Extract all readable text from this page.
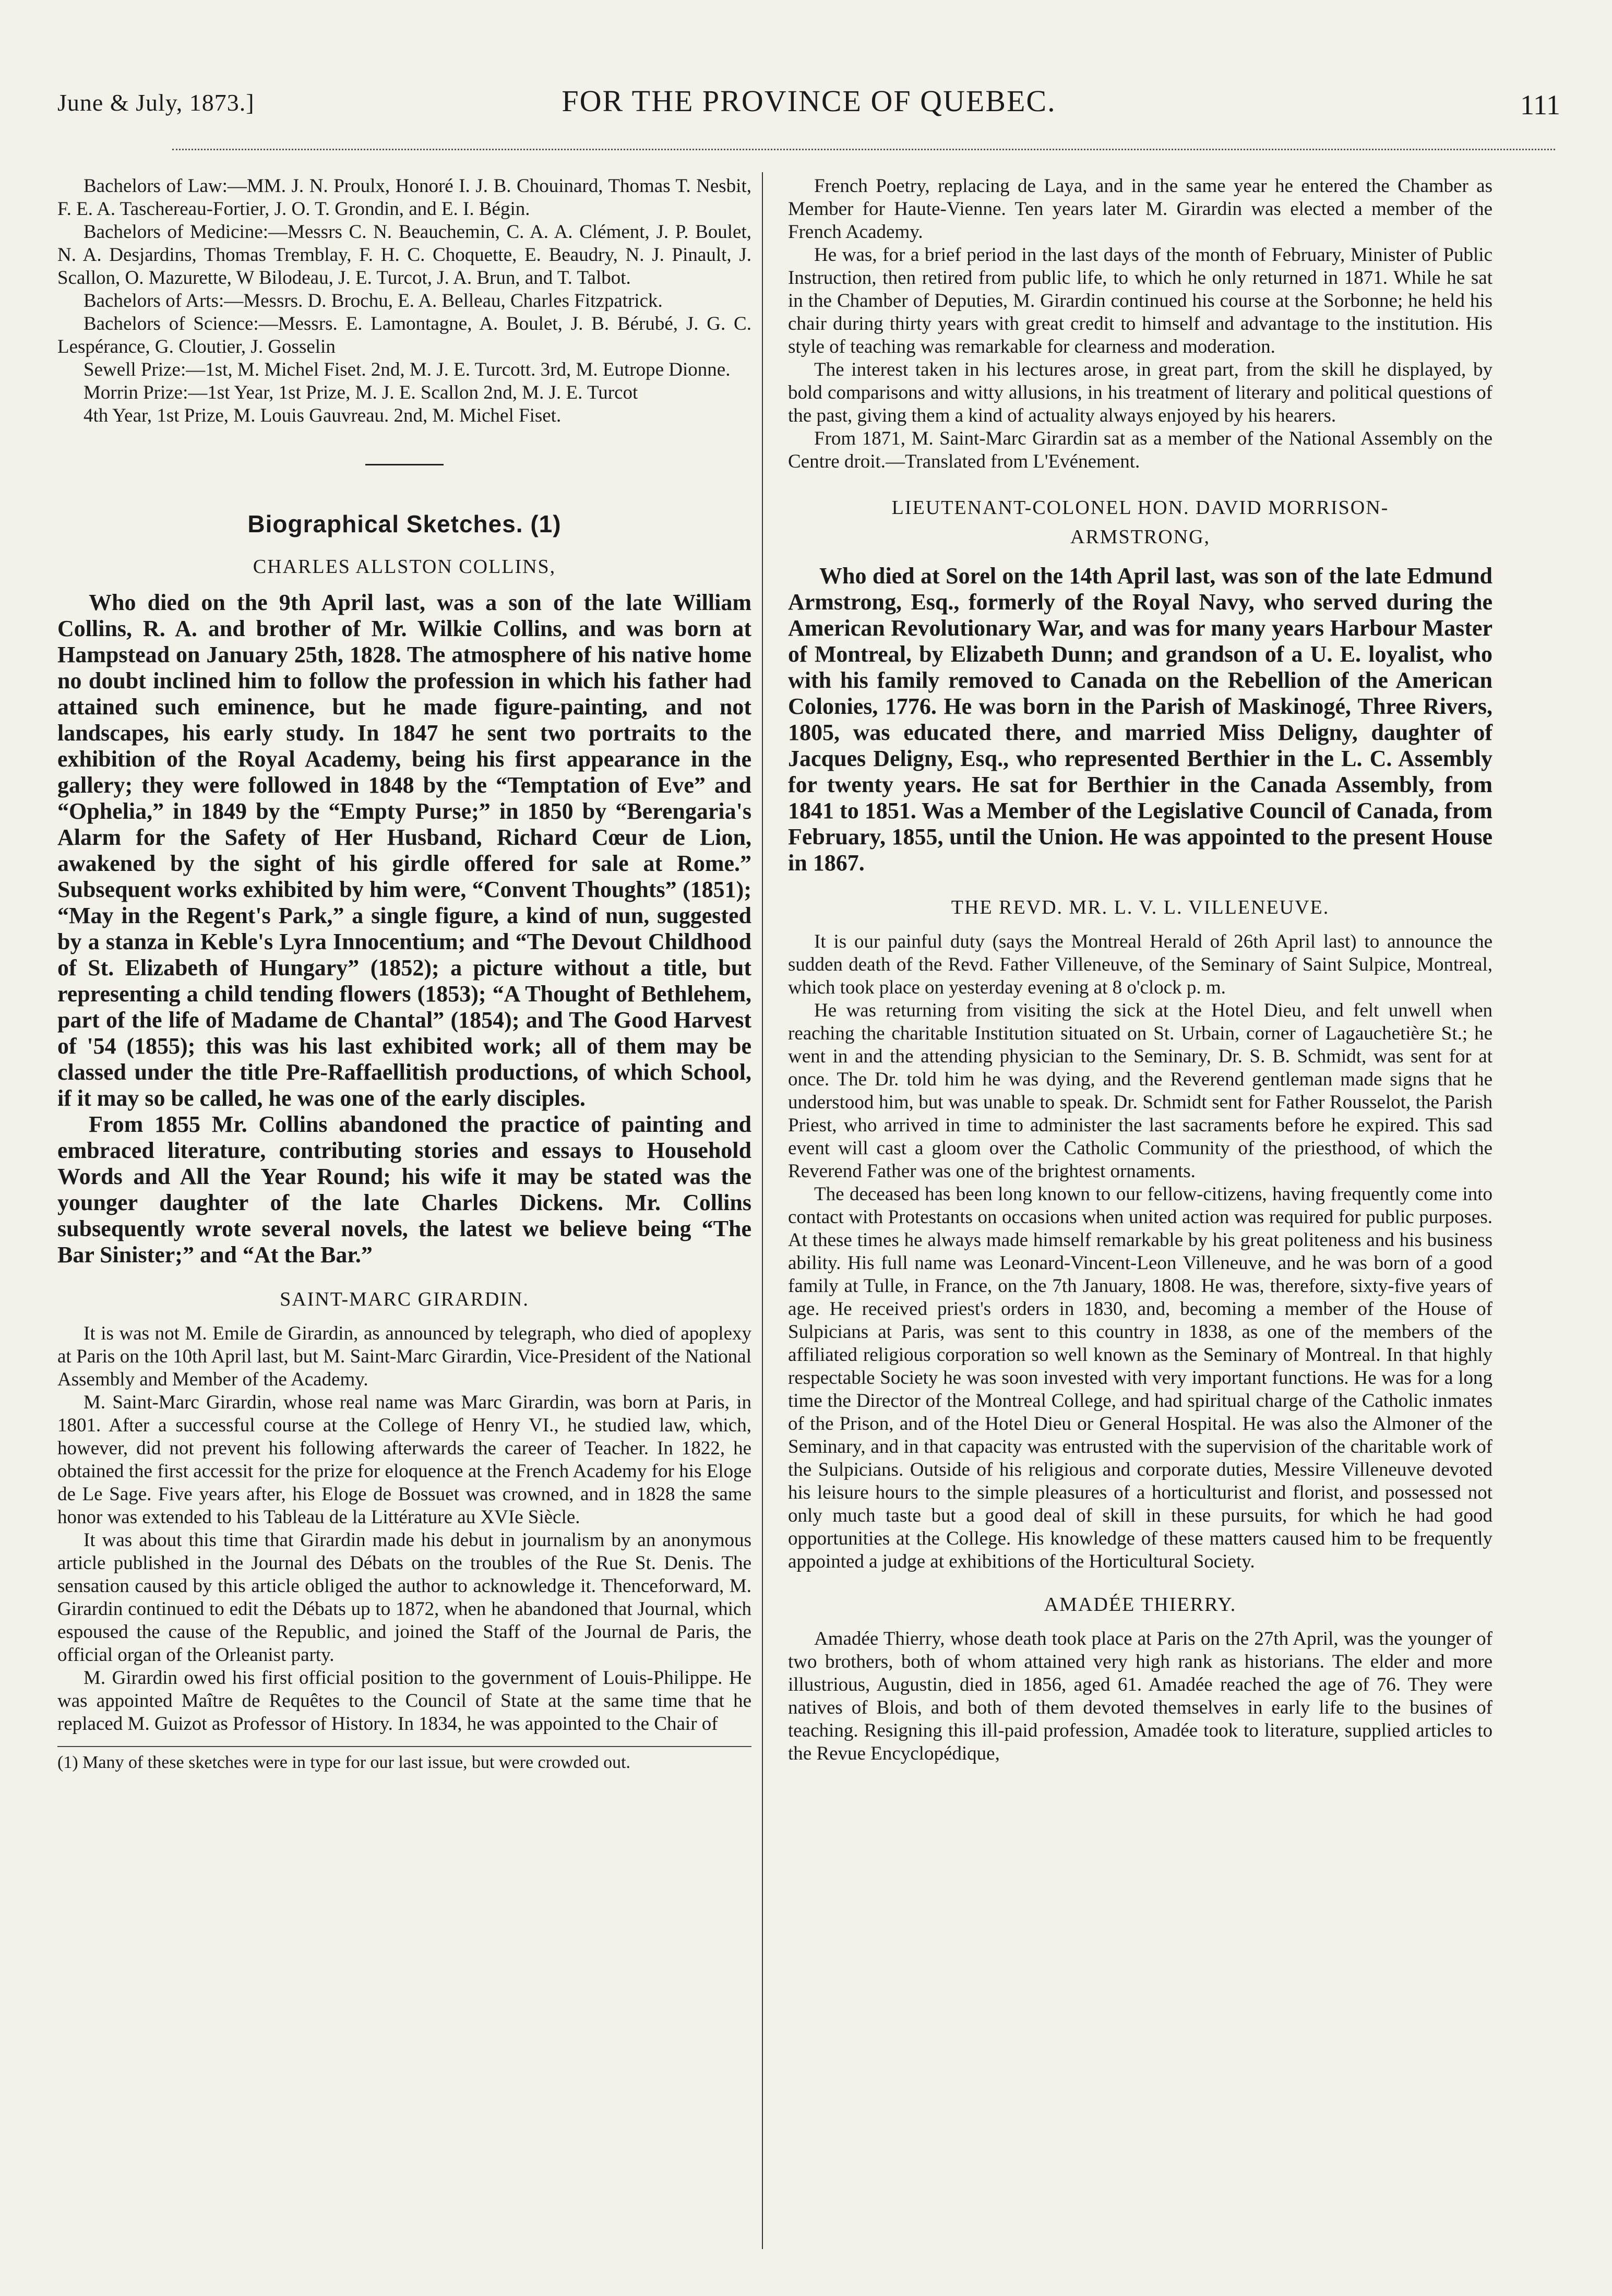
June & July, 1873.]	FOR THE PROVINCE OF QUEBEC.	111

Bachelors of Law:—MM. J. N. Proulx, Honoré I. J. B. Chouinard, Thomas T. Nesbit, F. E. A. Taschereau-Fortier, J. O. T. Grondin, and E. I. Bégin.

Bachelors of Medicine:—Messrs C. N. Beauchemin, C. A. A. Clément, J. P. Boulet, N. A. Desjardins, Thomas Tremblay, F. H. C. Choquette, E. Beaudry, N. J. Pinault, J. Scallon, O. Mazurette, W Bilodeau, J. E. Turcot, J. A. Brun, and T. Talbot.

Bachelors of Arts:—Messrs. D. Brochu, E. A. Belleau, Charles Fitzpatrick.

Bachelors of Science:—Messrs. E. Lamontagne, A. Boulet, J. B. Bérubé, J. G. C. Lespérance, G. Cloutier, J. Gosselin

Sewell Prize:—1st, M. Michel Fiset. 2nd, M. J. E. Turcott. 3rd, M. Eutrope Dionne.

Morrin Prize:—1st Year, 1st Prize, M. J. E. Scallon 2nd, M. J. E. Turcot

4th Year, 1st Prize, M. Louis Gauvreau. 2nd, M. Michel Fiset.

Biographical Sketches. (1)
CHARLES ALLSTON COLLINS,

Who died on the 9th April last, was a son of the late William Collins, R. A. and brother of Mr. Wilkie Collins, and was born at Hampstead on January 25th, 1828. The atmosphere of his native home no doubt inclined him to follow the profession in which his father had attained such eminence, but he made figure-painting, and not landscapes, his early study. In 1847 he sent two portraits to the exhibition of the Royal Academy, being his first appearance in the gallery; they were followed in 1848 by the “Temptation of Eve” and “Ophelia,” in 1849 by the “Empty Purse;” in 1850 by “Berengaria's Alarm for the Safety of Her Husband, Richard Cœur de Lion, awakened by the sight of his girdle offered for sale at Rome.” Subsequent works exhibited by him were, “Convent Thoughts” (1851); “May in the Regent's Park,” a single figure, a kind of nun, suggested by a stanza in Keble's Lyra Innocentium; and “The Devout Childhood of St. Elizabeth of Hungary” (1852); a picture without a title, but representing a child tending flowers (1853); “A Thought of Bethlehem, part of the life of Madame de Chantal” (1854); and The Good Harvest of '54 (1855); this was his last exhibited work; all of them may be classed under the title Pre-Raffaellitish productions, of which School, if it may so be called, he was one of the early disciples.

From 1855 Mr. Collins abandoned the practice of painting and embraced literature, contributing stories and essays to Household Words and All the Year Round; his wife it may be stated was the younger daughter of the late Charles Dickens. Mr. Collins subsequently wrote several novels, the latest we believe being “The Bar Sinister;” and “At the Bar.”

SAINT-MARC GIRARDIN.

It is was not M. Emile de Girardin, as announced by telegraph, who died of apoplexy at Paris on the 10th April last, but M. Saint-Marc Girardin, Vice-President of the National Assembly and Member of the Academy.

M. Saint-Marc Girardin, whose real name was Marc Girardin, was born at Paris, in 1801. After a successful course at the College of Henry VI., he studied law, which, however, did not prevent his following afterwards the career of Teacher. In 1822, he obtained the first accessit for the prize for eloquence at the French Academy for his Eloge de Le Sage. Five years after, his Eloge de Bossuet was crowned, and in 1828 the same honor was extended to his Tableau de la Littérature au XVIe Siècle.

It was about this time that Girardin made his debut in journalism by an anonymous article published in the Journal des Débats on the troubles of the Rue St. Denis. The sensation caused by this article obliged the author to acknowledge it. Thenceforward, M. Girardin continued to edit the Débats up to 1872, when he abandoned that Journal, which espoused the cause of the Republic, and joined the Staff of the Journal de Paris, the official organ of the Orleanist party.

M. Girardin owed his first official position to the government of Louis-Philippe. He was appointed Maître de Requêtes to the Council of State at the same time that he replaced M. Guizot as Professor of History. In 1834, he was appointed to the Chair of

(1) Many of these sketches were in type for our last issue, but were crowded out.

French Poetry, replacing de Laya, and in the same year he entered the Chamber as Member for Haute-Vienne. Ten years later M. Girardin was elected a member of the French Academy.

He was, for a brief period in the last days of the month of February, Minister of Public Instruction, then retired from public life, to which he only returned in 1871. While he sat in the Chamber of Deputies, M. Girardin continued his course at the Sorbonne; he held his chair during thirty years with great credit to himself and advantage to the institution. His style of teaching was remarkable for clearness and moderation.

The interest taken in his lectures arose, in great part, from the skill he displayed, by bold comparisons and witty allusions, in his treatment of literary and political questions of the past, giving them a kind of actuality always enjoyed by his hearers.

From 1871, M. Saint-Marc Girardin sat as a member of the National Assembly on the Centre droit.—Translated from L'Evénement.

LIEUTENANT-COLONEL HON. DAVID MORRISON-
ARMSTRONG,

Who died at Sorel on the 14th April last, was son of the late Edmund Armstrong, Esq., formerly of the Royal Navy, who served during the American Revolutionary War, and was for many years Harbour Master of Montreal, by Elizabeth Dunn; and grandson of a U. E. loyalist, who with his family removed to Canada on the Rebellion of the American Colonies, 1776. He was born in the Parish of Maskinogé, Three Rivers, 1805, was educated there, and married Miss Deligny, daughter of Jacques Deligny, Esq., who represented Berthier in the L. C. Assembly for twenty years. He sat for Berthier in the Canada Assembly, from 1841 to 1851. Was a Member of the Legislative Council of Canada, from February, 1855, until the Union. He was appointed to the present House in 1867.

THE REVD. MR. L. V. L. VILLENEUVE.

It is our painful duty (says the Montreal Herald of 26th April last) to announce the sudden death of the Revd. Father Villeneuve, of the Seminary of Saint Sulpice, Montreal, which took place on yesterday evening at 8 o'clock p. m.

He was returning from visiting the sick at the Hotel Dieu, and felt unwell when reaching the charitable Institution situated on St. Urbain, corner of Lagauchetière St.; he went in and the attending physician to the Seminary, Dr. S. B. Schmidt, was sent for at once. The Dr. told him he was dying, and the Reverend gentleman made signs that he understood him, but was unable to speak. Dr. Schmidt sent for Father Rousselot, the Parish Priest, who arrived in time to administer the last sacraments before he expired. This sad event will cast a gloom over the Catholic Community of the priesthood, of which the Reverend Father was one of the brightest ornaments.

The deceased has been long known to our fellow-citizens, having frequently come into contact with Protestants on occasions when united action was required for public purposes. At these times he always made himself remarkable by his great politeness and his business ability. His full name was Leonard-Vincent-Leon Villeneuve, and he was born of a good family at Tulle, in France, on the 7th January, 1808. He was, therefore, sixty-five years of age. He received priest's orders in 1830, and, becoming a member of the House of Sulpicians at Paris, was sent to this country in 1838, as one of the members of the affiliated religious corporation so well known as the Seminary of Montreal. In that highly respectable Society he was soon invested with very important functions. He was for a long time the Director of the Montreal College, and had spiritual charge of the Catholic inmates of the Prison, and of the Hotel Dieu or General Hospital. He was also the Almoner of the Seminary, and in that capacity was entrusted with the supervision of the charitable work of the Sulpicians. Outside of his religious and corporate duties, Messire Villeneuve devoted his leisure hours to the simple pleasures of a horticulturist and florist, and possessed not only much taste but a good deal of skill in these pursuits, for which he had good opportunities at the College. His knowledge of these matters caused him to be frequently appointed a judge at exhibitions of the Horticultural Society.

AMADÉE THIERRY.

Amadée Thierry, whose death took place at Paris on the 27th April, was the younger of two brothers, both of whom attained very high rank as historians. The elder and more illustrious, Augustin, died in 1856, aged 61. Amadée reached the age of 76. They were natives of Blois, and both of them devoted themselves in early life to the busines of teaching. Resigning this ill-paid profession, Amadée took to literature, supplied articles to the Revue Encyclopédique,
